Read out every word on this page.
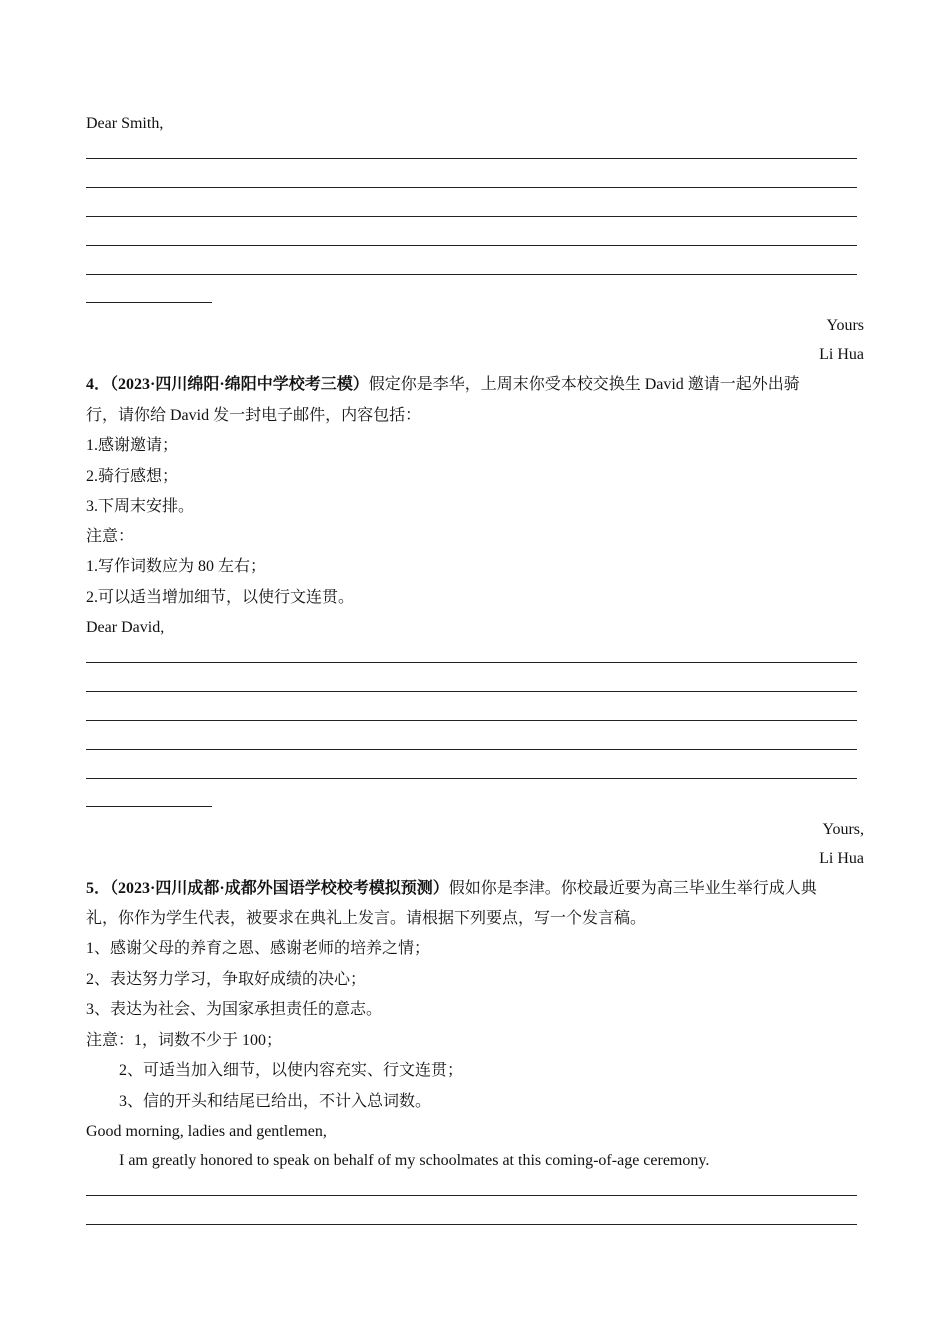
Dear Smith,
Yours
Li Hua
4．（2023·四川绵阳·绵阳中学校考三模）假定你是李华，上周末你受本校交换生 David 邀请一起外出骑
行，请你给 David 发一封电子邮件，内容包括：
1.感谢邀请；
2.骑行感想；
3.下周末安排。
注意：
1.写作词数应为 80 左右；
2.可以适当增加细节，以使行文连贯。
Dear David,
Yours,
Li Hua
5．（2023·四川成都·成都外国语学校校考模拟预测）假如你是李津。你校最近要为高三毕业生举行成人典
礼，你作为学生代表，被要求在典礼上发言。请根据下列要点，写一个发言稿。
1、感谢父母的养育之恩、感谢老师的培养之情；
2、表达努力学习，争取好成绩的决心；
3、表达为社会、为国家承担责任的意志。
注意：1，词数不少于 100；
2、可适当加入细节，以使内容充实、行文连贯；
3、信的开头和结尾已给出，不计入总词数。
Good morning, ladies and gentlemen,
I am greatly honored to speak on behalf of my schoolmates at this coming-of-age ceremony.
